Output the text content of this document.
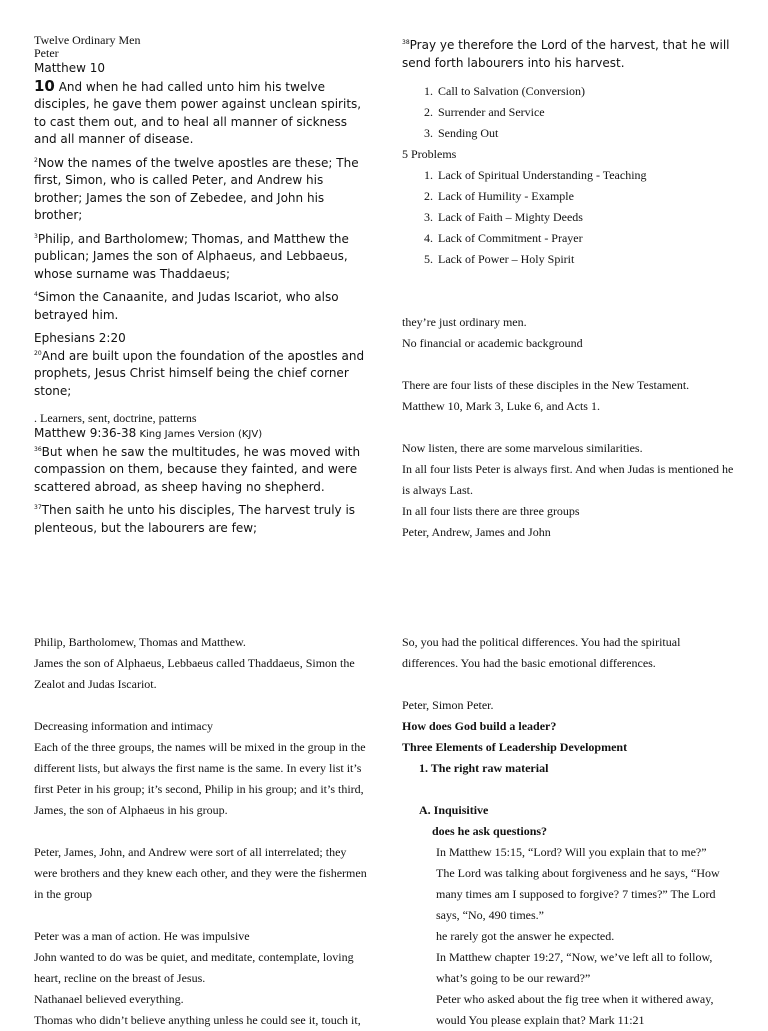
Twelve Ordinary Men
Peter
Matthew 10

10 And when he had called unto him his twelve disciples, he gave them power against unclean spirits, to cast them out, and to heal all manner of sickness and all manner of disease.

$^2$Now the names of the twelve apostles are these; The first, Simon, who is called Peter, and Andrew his brother; James the son of Zebedee, and John his brother;

$^3$Philip, and Bartholomew; Thomas, and Matthew the publican; James the son of Alphaeus, and Lebbaeus, whose surname was Thaddaeus;

$^4$Simon the Canaanite, and Judas Iscariot, who also betrayed him.

Ephesians 2:20

$^{20}$And are built upon the foundation of the apostles and prophets, Jesus Christ himself being the chief corner stone;

. Learners, sent, doctrine, patterns
Matthew 9:36-38 King James Version (KJV)

$^{36}$But when he saw the multitudes, he was moved with compassion on them, because they fainted, and were scattered abroad, as sheep having no shepherd.

$^{37}$Then saith he unto his disciples, The harvest truly is plenteous, but the labourers are few;

$^{38}$Pray ye therefore the Lord of the harvest, that he will send forth labourers into his harvest.

1. Call to Salvation (Conversion)
2. Surrender and Service
3. Sending Out
5 Problems
1. Lack of Spiritual Understanding - Teaching
2. Lack of Humility - Example
3. Lack of Faith – Mighty Deeds
4. Lack of Commitment - Prayer
5. Lack of Power – Holy Spirit
they’re just ordinary men.
No financial or academic background
There are four lists of these disciples in the New Testament.
Matthew 10, Mark 3, Luke 6, and Acts 1.
Now listen, there are some marvelous similarities.
In all four lists Peter is always first. And when Judas is mentioned he is always Last.
In all four lists there are three groups
Peter, Andrew, James and John
Philip, Bartholomew, Thomas and Matthew.
James the son of Alphaeus, Lebbaeus called Thaddaeus, Simon the Zealot and Judas Iscariot.
Decreasing information and intimacy
Each of the three groups, the names will be mixed in the group in the different lists, but always the first name is the same. In every list it’s first Peter in his group; it’s second, Philip in his group; and it’s third, James, the son of Alphaeus in his group.
Peter, James, John, and Andrew were sort of all interrelated; they were brothers and they knew each other, and they were the fishermen in the group
Peter was a man of action. He was impulsive
John wanted to do was be quiet, and meditate, contemplate, loving heart, recline on the breast of Jesus.
Nathanael believed everything.
Thomas who didn’t believe anything unless he could see it, touch it,
So, you had the political differences. You had the spiritual differences. You had the basic emotional differences.
Peter, Simon Peter.
How does God build a leader?
Three Elements of Leadership Development
1. The right raw material
A. Inquisitive
does he ask questions?
In Matthew 15:15, “Lord? Will you explain that to me?”
The Lord was talking about forgiveness and he says, “How many times am I supposed to forgive? 7 times?” The Lord says, “No, 490 times.”
he rarely got the answer he expected.
In Matthew chapter 19:27, “Now, we’ve left all to follow, what’s going to be our reward?”
Peter who asked about the fig tree when it withered away, would You please explain that? Mark 11:21
